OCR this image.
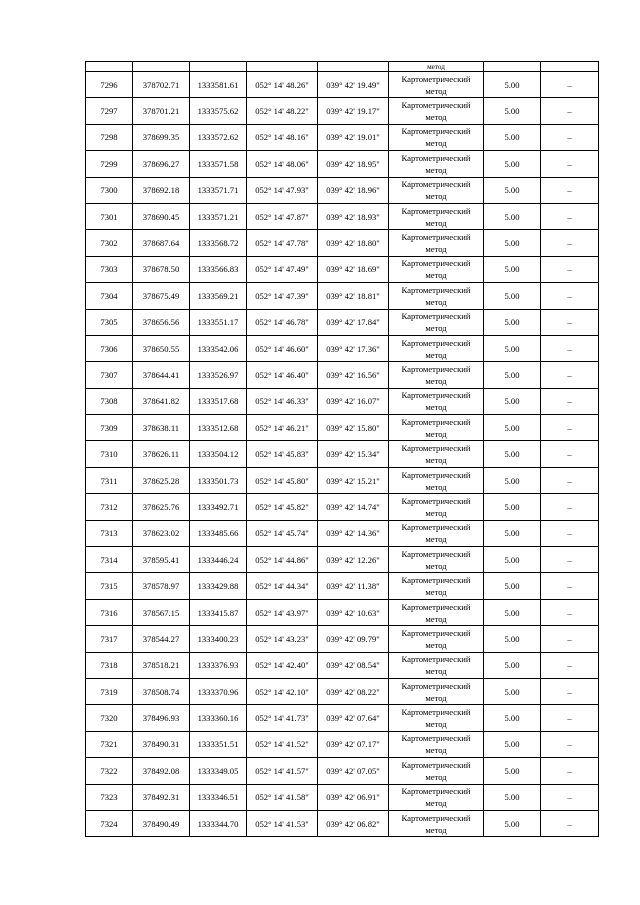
					метод		
7296	378702.71	1333581.61	052° 14' 48.26"	039° 42' 19.49"	Картометрический
метод	5.00	–
7297	378701.21	1333575.62	052° 14' 48.22"	039° 42' 19.17"	Картометрический
метод	5.00	–
7298	378699.35	1333572.62	052° 14' 48.16"	039° 42' 19.01"	Картометрический
метод	5.00	–
7299	378696.27	1333571.58	052° 14' 48.06"	039° 42' 18.95"	Картометрический
метод	5.00	–
7300	378692.18	1333571.71	052° 14' 47.93"	039° 42' 18.96"	Картометрический
метод	5.00	–
7301	378690.45	1333571.21	052° 14' 47.87"	039° 42' 18.93"	Картометрический
метод	5.00	–
7302	378687.64	1333568.72	052° 14' 47.78"	039° 42' 18.80"	Картометрический
метод	5.00	–
7303	378678.50	1333566.83	052° 14' 47.49"	039° 42' 18.69"	Картометрический
метод	5.00	–
7304	378675.49	1333569.21	052° 14' 47.39"	039° 42' 18.81"	Картометрический
метод	5.00	–
7305	378656.56	1333551.17	052° 14' 46.78"	039° 42' 17.84"	Картометрический
метод	5.00	–
7306	378650.55	1333542.06	052° 14' 46.60"	039° 42' 17.36"	Картометрический
метод	5.00	–
7307	378644.41	1333526.97	052° 14' 46.40"	039° 42' 16.56"	Картометрический
метод	5.00	–
7308	378641.82	1333517.68	052° 14' 46.33"	039° 42' 16.07"	Картометрический
метод	5.00	–
7309	378638.11	1333512.68	052° 14' 46.21"	039° 42' 15.80"	Картометрический
метод	5.00	–
7310	378626.11	1333504.12	052° 14' 45.83"	039° 42' 15.34"	Картометрический
метод	5.00	–
7311	378625.28	1333501.73	052° 14' 45.80"	039° 42' 15.21"	Картометрический
метод	5.00	–
7312	378625.76	1333492.71	052° 14' 45.82"	039° 42' 14.74"	Картометрический
метод	5.00	–
7313	378623.02	1333485.66	052° 14' 45.74"	039° 42' 14.36"	Картометрический
метод	5.00	–
7314	378595.41	1333446.24	052° 14' 44.86"	039° 42' 12.26"	Картометрический
метод	5.00	–
7315	378578.97	1333429.88	052° 14' 44.34"	039° 42' 11.38"	Картометрический
метод	5.00	–
7316	378567.15	1333415.87	052° 14' 43.97"	039° 42' 10.63"	Картометрический
метод	5.00	–
7317	378544.27	1333400.23	052° 14' 43.23"	039° 42' 09.79"	Картометрический
метод	5.00	–
7318	378518.21	1333376.93	052° 14' 42.40"	039° 42' 08.54"	Картометрический
метод	5.00	–
7319	378508.74	1333370.96	052° 14' 42.10"	039° 42' 08.22"	Картометрический
метод	5.00	–
7320	378496.93	1333360.16	052° 14' 41.73"	039° 42' 07.64"	Картометрический
метод	5.00	–
7321	378490.31	1333351.51	052° 14' 41.52"	039° 42' 07.17"	Картометрический
метод	5.00	–
7322	378492.08	1333349.05	052° 14' 41.57"	039° 42' 07.05"	Картометрический
метод	5.00	–
7323	378492.31	1333346.51	052° 14' 41.58"	039° 42' 06.91"	Картометрический
метод	5.00	–
7324	378490.49	1333344.70	052° 14' 41.53"	039° 42' 06.82"	Картометрический
метод	5.00	–
